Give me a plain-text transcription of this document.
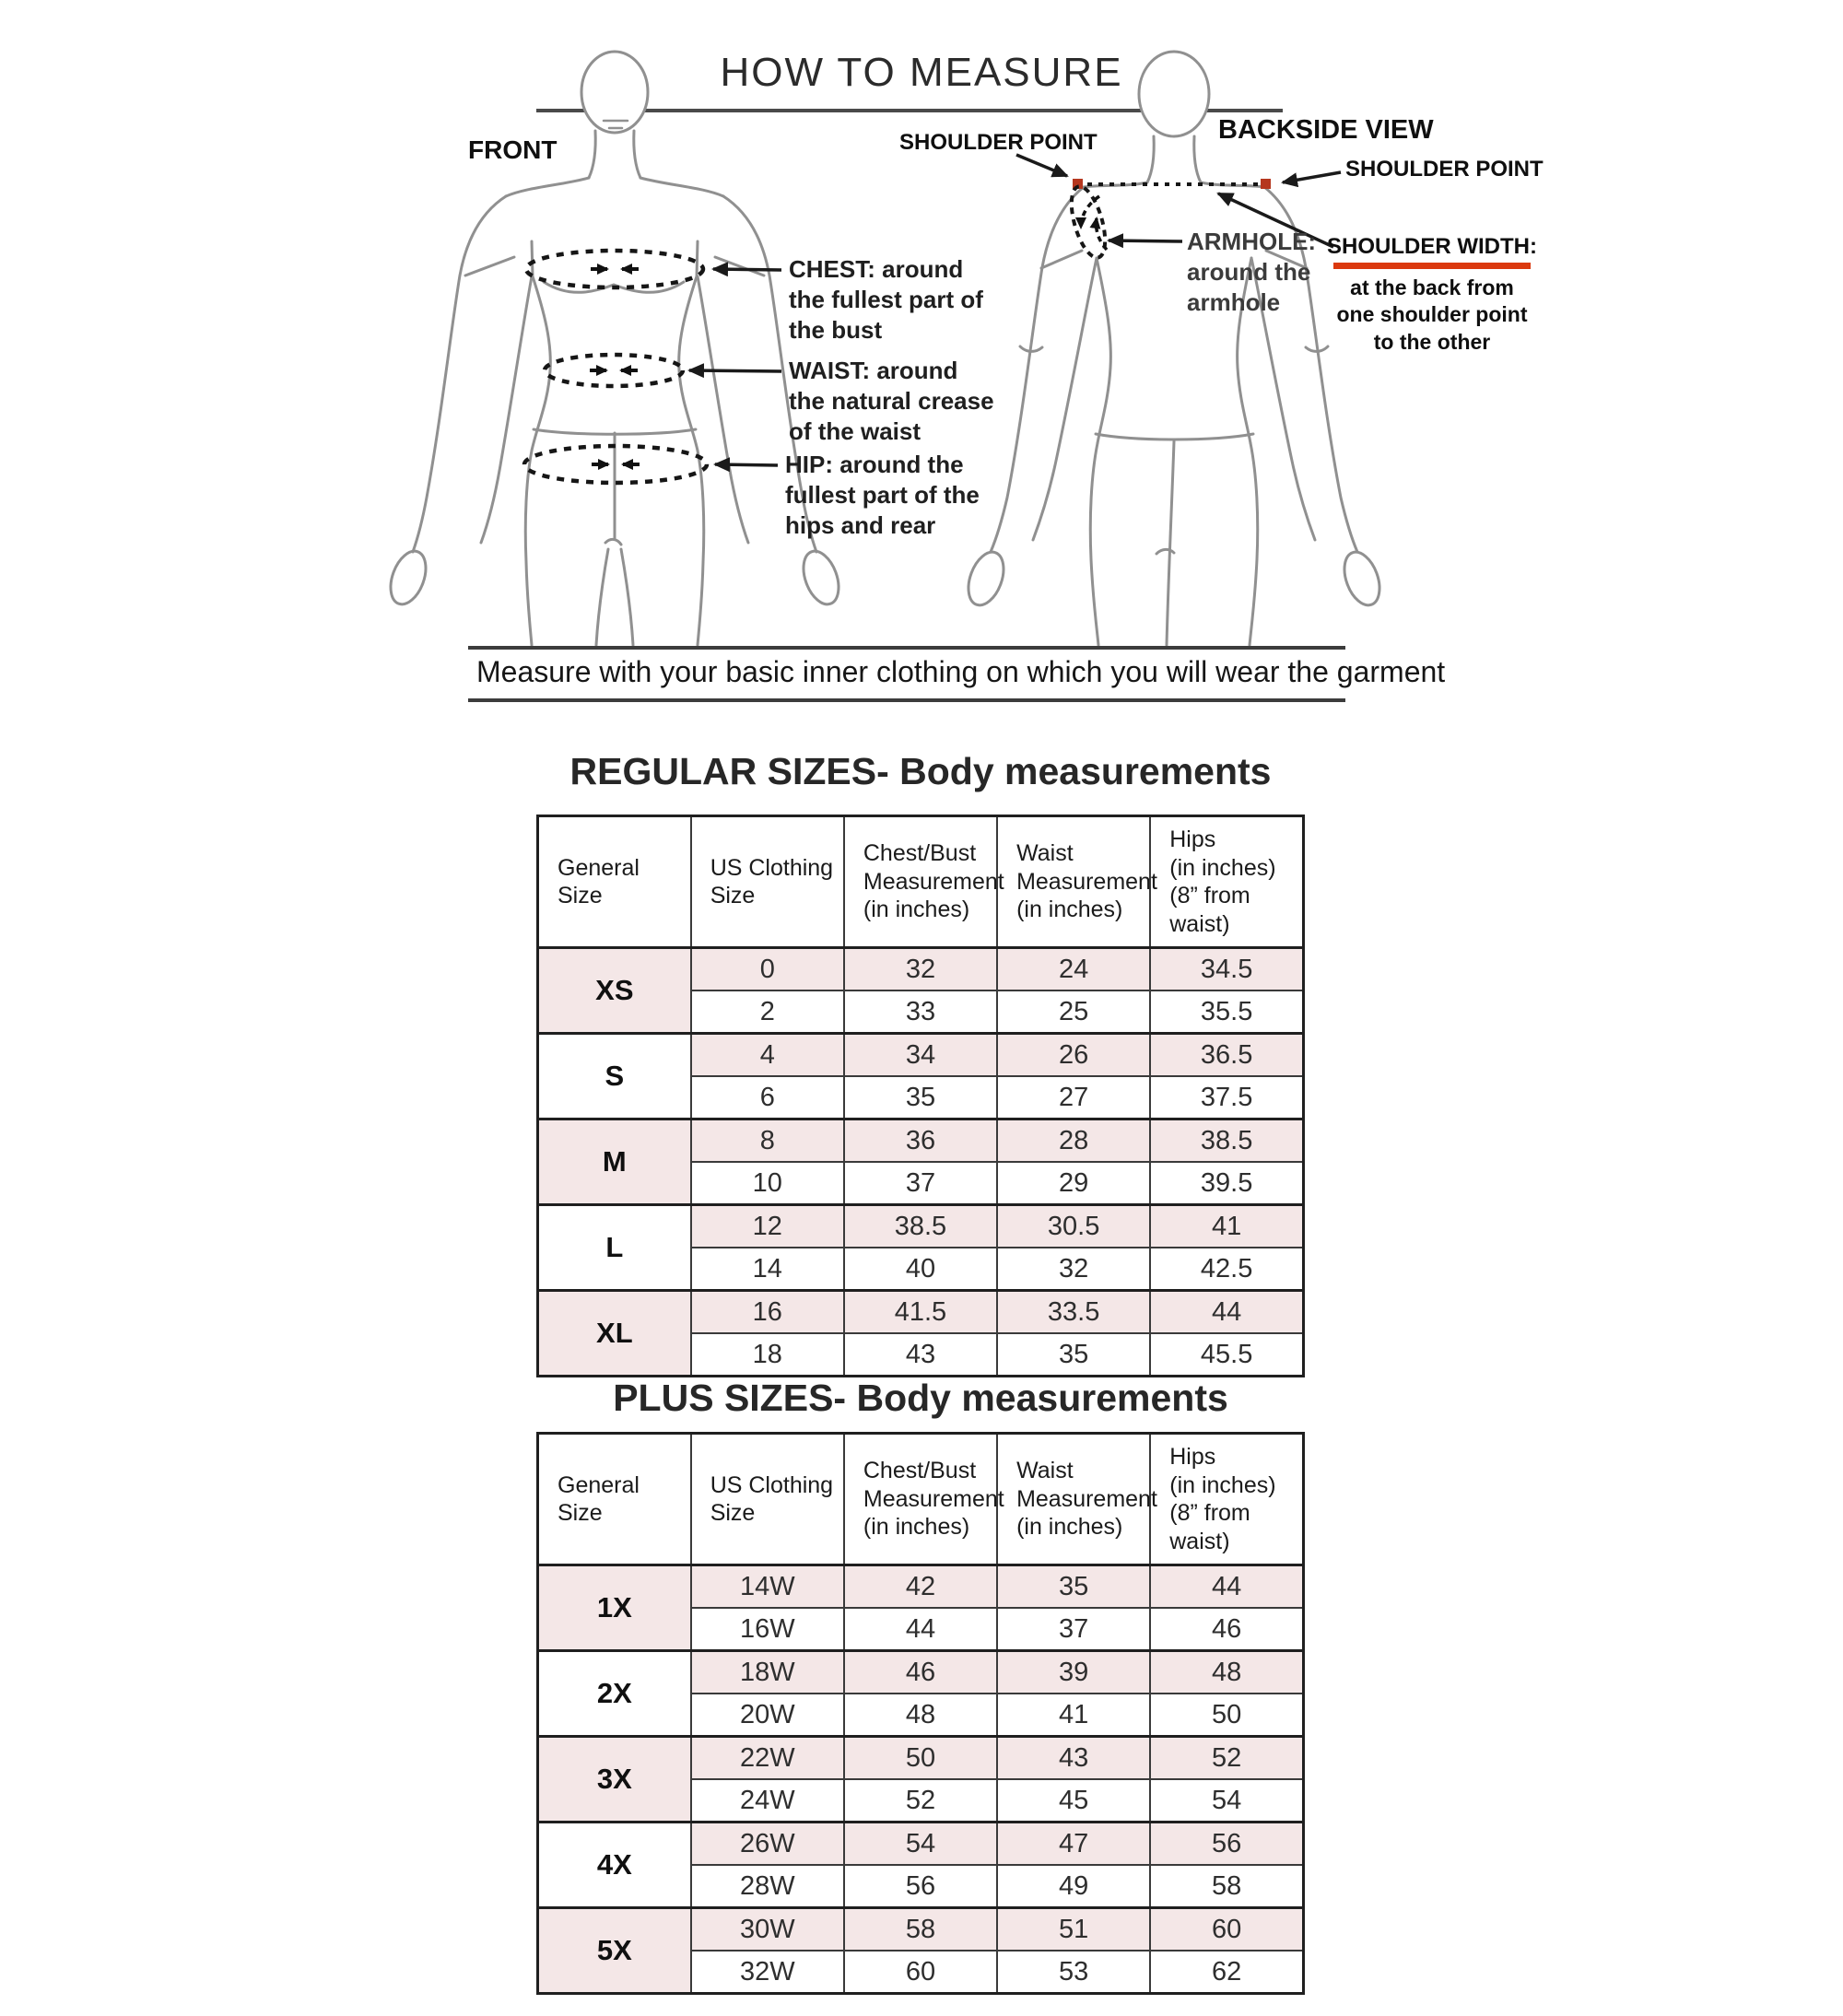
HOW TO MEASURE
FRONT
BACKSIDE VIEW
CHEST: around
the fullest part of
the bust
WAIST: around
the natural crease
of the waist
HIP: around the
fullest part of the
hips and rear
SHOULDER POINT
SHOULDER POINT
ARMHOLE:
around the
armhole
SHOULDER WIDTH:
at the back from
one shoulder point
to the other
Measure with your basic inner clothing on which you will wear the garment
REGULAR SIZES- Body measurements
General
Size	US Clothing
Size	Chest/Bust
Measurement
(in inches)	Waist
Measurement
(in inches)	Hips
(in inches)
(8” from waist)
XS	0	32	24	34.5
	2	33	25	35.5
S	4	34	26	36.5
	6	35	27	37.5
M	8	36	28	38.5
	10	37	29	39.5
L	12	38.5	30.5	41
	14	40	32	42.5
XL	16	41.5	33.5	44
	18	43	35	45.5
PLUS SIZES- Body measurements
General
Size	US Clothing
Size	Chest/Bust
Measurement
(in inches)	Waist
Measurement
(in inches)	Hips
(in inches)
(8” from waist)
1X	14W	42	35	44
	16W	44	37	46
2X	18W	46	39	48
	20W	48	41	50
3X	22W	50	43	52
	24W	52	45	54
4X	26W	54	47	56
	28W	56	49	58
5X	30W	58	51	60
	32W	60	53	62
